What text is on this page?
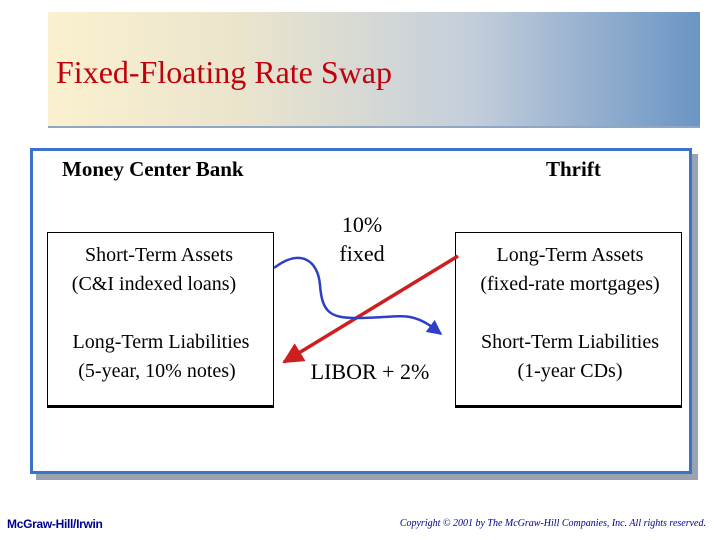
Fixed-Floating Rate Swap
Money Center Bank	Thrift
Short-Term Assets
(C&I indexed loans)
Long-Term Liabilities
(5-year, 10% notes)
Long-Term Assets
(fixed-rate mortgages)
Short-Term Liabilities
(1-year CDs)
10%
fixed
LIBOR + 2%
McGraw-Hill/Irwin	Copyright © 2001 by The McGraw-Hill Companies, Inc. All rights reserved.
